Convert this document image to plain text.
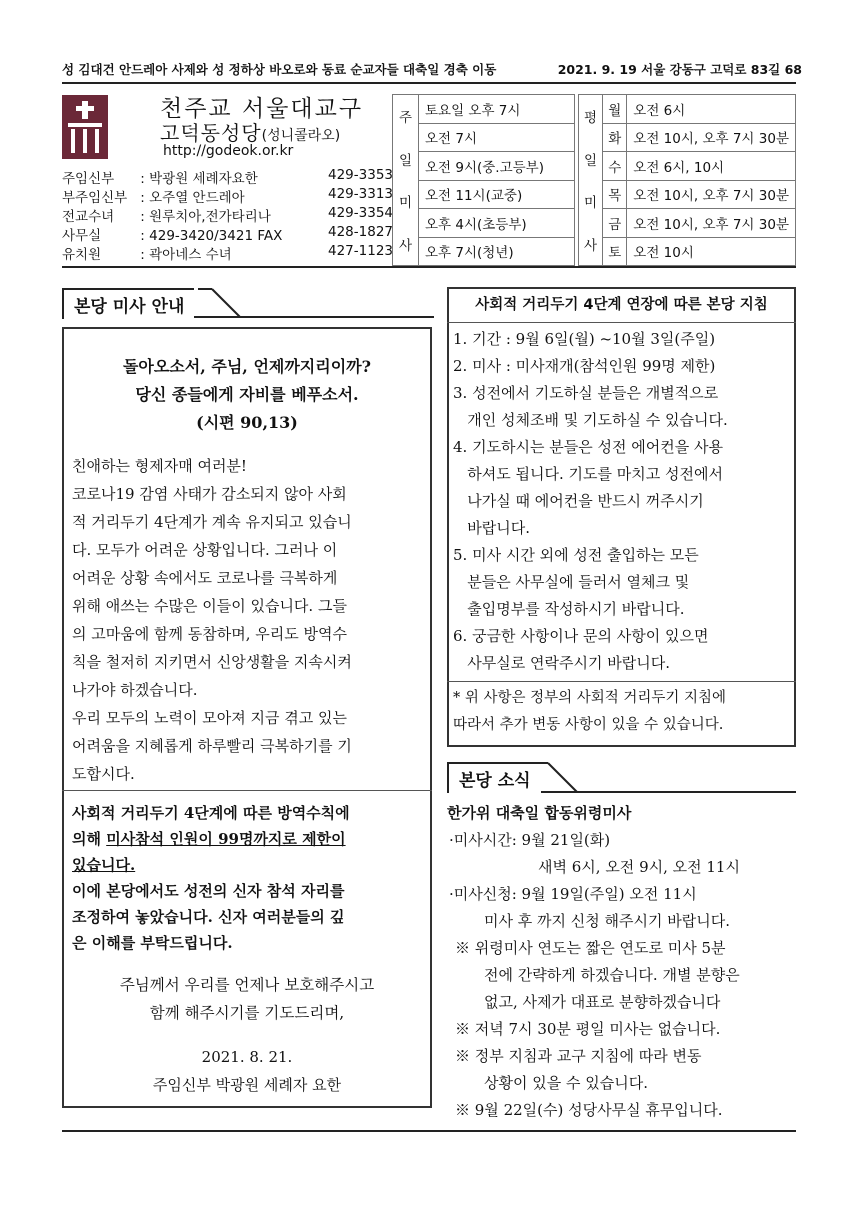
성 김대건 안드레아 사제와 성 정하상 바오로와 동료 순교자들 대축일 경축 이동	2021. 9. 19 서울 강동구 고덕로 83길 68
천주교 서울대교구
고덕동성당(성니콜라오)
http://godeok.or.kr
주임신부 : 박광원 세례자요한	429-3353
부주임신부 : 오주열 안드레아	429-3313
전교수녀 : 원루치아,전가타리나	429-3354
사무실	: 429-3420/3421 FAX	428-1827
유치원	: 곽아네스 수녀	427-1123
주
일
미
사
	토요일 오후 7시
오전 7시
오전 9시(중.고등부)
오전 11시(교중)
오후 4시(초등부)
오후 7시(청년)
평
일
미
사	월	오전 6시
	화	오전 10시, 오후 7시 30분
	수	오전 6시, 10시
	목	오전 10시, 오후 7시 30분
	금	오전 10시, 오후 7시 30분
	토	오전 10시
본당 미사 안내
돌아오소서, 주님, 언제까지리이까?
당신 종들에게 자비를 베푸소서.
(시편 90,13)
친애하는 형제자매 여러분!
코로나19 감염 사태가 감소되지 않아 사회
적 거리두기 4단계가 계속 유지되고 있습니
다. 모두가 어려운 상황입니다. 그러나 이
어려운 상황 속에서도 코로나를 극복하게
위해 애쓰는 수많은 이들이 있습니다. 그들
의 고마움에 함께 동참하며, 우리도 방역수
칙을 철저히 지키면서 신앙생활을 지속시켜
나가야 하겠습니다.
우리 모두의 노력이 모아져 지금 겪고 있는
어려움을 지혜롭게 하루빨리 극복하기를 기
도합시다.
사회적 거리두기 4단계에 따른 방역수칙에
의해 미사참석 인원이 99명까지로 제한이
있습니다.
이에 본당에서도 성전의 신자 참석 자리를
조정하여 놓았습니다. 신자 여러분들의 깊
은 이해를 부탁드립니다.
주님께서 우리를 언제나 보호해주시고
함께 해주시기를 기도드리며,
2021. 8. 21.
주임신부 박광원 세례자 요한
사회적 거리두기 4단계 연장에 따른 본당 지침
1. 기간 : 9월 6일(월) ~10월 3일(주일)
2. 미사 : 미사재개(참석인원 99명 제한)
3. 성전에서 기도하실 분들은 개별적으로
개인 성체조배 및 기도하실 수 있습니다.
4. 기도하시는 분들은 성전 에어컨을 사용
하셔도 됩니다. 기도를 마치고 성전에서
나가실 때 에어컨을 반드시 꺼주시기
바랍니다.
5. 미사 시간 외에 성전 출입하는 모든
분들은 사무실에 들러서 열체크 및
출입명부를 작성하시기 바랍니다.
6. 궁금한 사항이나 문의 사항이 있으면
사무실로 연락주시기 바랍니다.
* 위 사항은 정부의 사회적 거리두기 지침에
따라서 추가 변동 사항이 있을 수 있습니다.
본당 소식
한가위 대축일 합동위령미사
·미사시간: 9월 21일(화)
새벽 6시, 오전 9시, 오전 11시
·미사신청: 9월 19일(주일) 오전 11시
미사 후 까지 신청 해주시기 바랍니다.
※ 위령미사 연도는 짧은 연도로 미사 5분
전에 간략하게 하겠습니다. 개별 분향은
없고, 사제가 대표로 분향하겠습니다
※ 저녁 7시 30분 평일 미사는 없습니다.
※ 정부 지침과 교구 지침에 따라 변동
상황이 있을 수 있습니다.
※ 9월 22일(수) 성당사무실 휴무입니다.
